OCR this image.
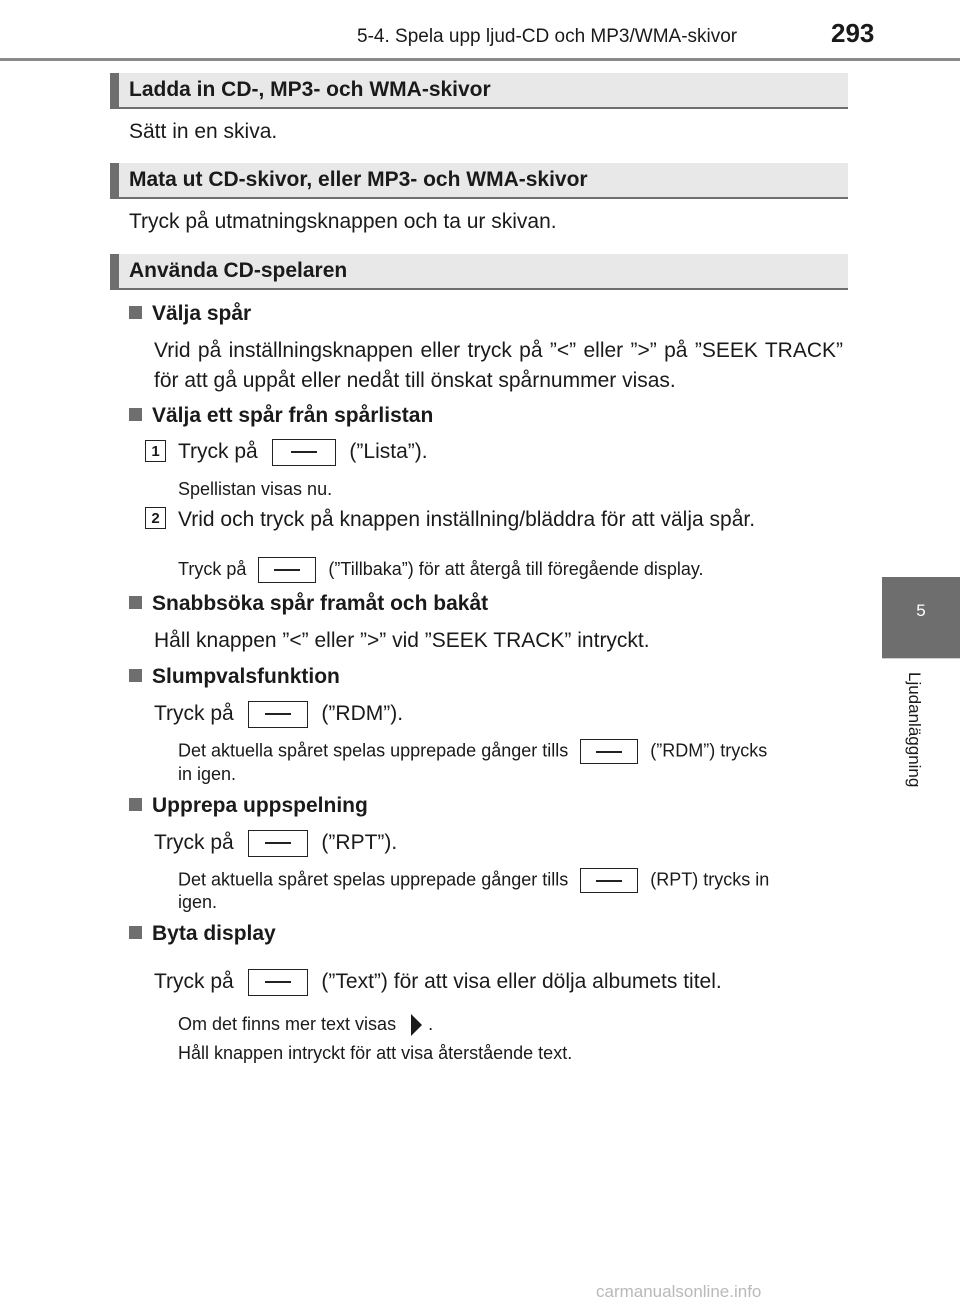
5-4. Spela upp ljud-CD och MP3/WMA-skivor	293
5
Ljudanläggning
Ladda in CD-, MP3- och WMA-skivor
Sätt in en skiva.
Mata ut CD-skivor, eller MP3- och WMA-skivor
Tryck på utmatningsknappen och ta ur skivan.
Använda CD-spelaren
Välja spår
Vrid på inställningsknappen eller tryck på ”<” eller ”>” på ”SEEK TRACK” för att gå uppåt eller nedåt till önskat spårnummer visas.
Välja ett spår från spårlistan
1 Tryck på	(”Lista”).
Spellistan visas nu.
2 Vrid och tryck på knappen inställning/bläddra för att välja spår.
Tryck på	(”Tillbaka”) för att återgå till föregående display.
Snabbsöka spår framåt och bakåt
Håll knappen ”<” eller ”>” vid ”SEEK TRACK” intryckt.
Slumpvalsfunktion
Tryck på	(”RDM”).
Det aktuella spåret spelas upprepade gånger tills	(”RDM”) trycks
in igen.
Upprepa uppspelning
Tryck på	(”RPT”).
Det aktuella spåret spelas upprepade gånger tills	(RPT) trycks in
igen.
Byta display
Tryck på	(”Text”) för att visa eller dölja albumets titel.
Om det finns mer text visas .
Håll knappen intryckt för att visa återstående text.
carmanualsonline.info
